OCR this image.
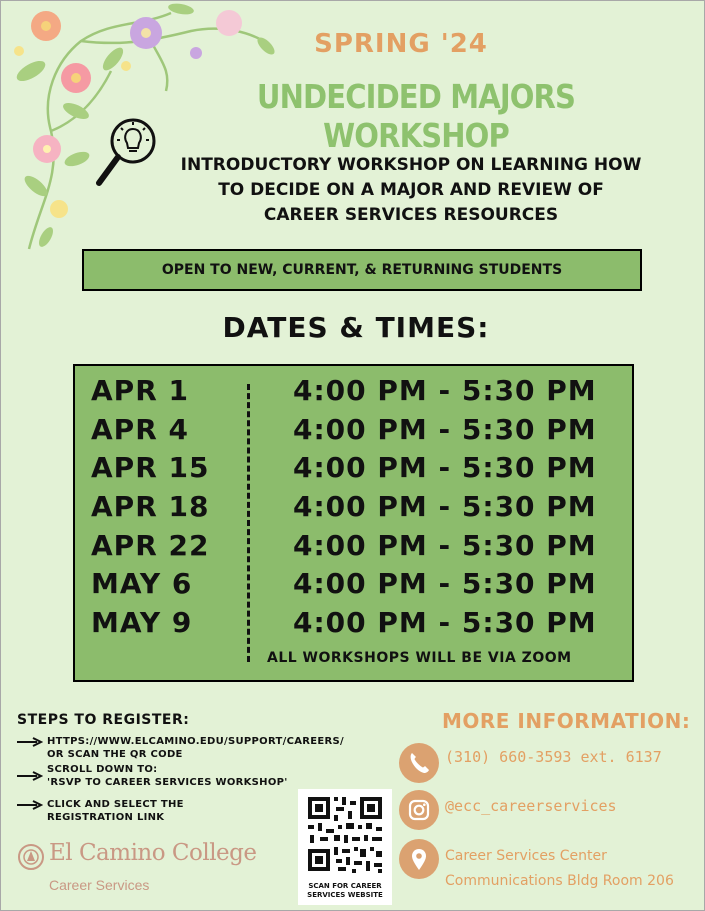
SPRING '24
UNDECIDED MAJORS WORKSHOP
INTRODUCTORY WORKSHOP ON LEARNING HOW
TO DECIDE ON A MAJOR AND REVIEW OF
CAREER SERVICES RESOURCES
OPEN TO NEW, CURRENT, & RETURNING STUDENTS
DATES & TIMES:
APR 1	4:00 PM - 5:30 PM
APR 4	4:00 PM - 5:30 PM
APR 15	4:00 PM - 5:30 PM
APR 18	4:00 PM - 5:30 PM
APR 22	4:00 PM - 5:30 PM
MAY 6	4:00 PM - 5:30 PM
MAY 9	4:00 PM - 5:30 PM
ALL WORKSHOPS WILL BE VIA ZOOM
STEPS TO REGISTER:
HTTPS://WWW.ELCAMINO.EDU/SUPPORT/CAREERS/
OR SCAN THE QR CODE
SCROLL DOWN TO:
'RSVP TO CAREER SERVICES WORKSHOP'
CLICK AND SELECT THE
REGISTRATION LINK
El Camino College
Career Services	SCAN FOR CAREER
SERVICES WEBSITE
MORE INFORMATION:
(310) 660-3593 ext. 6137
@ecc_careerservices
Career Services Center
Communications Bldg Room 206
